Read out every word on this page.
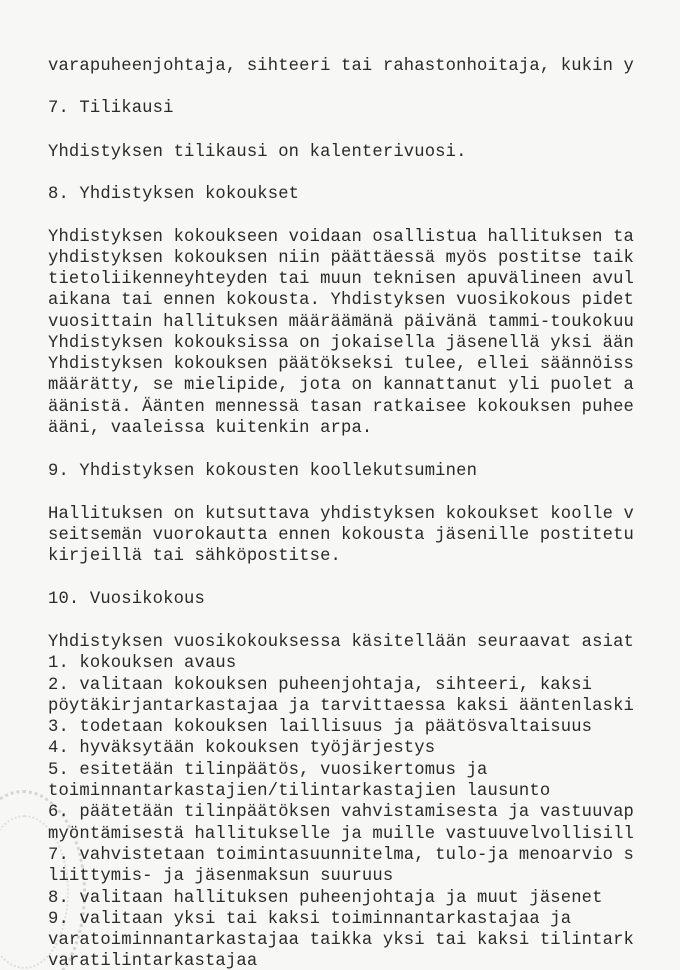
varapuheenjohtaja, sihteeri tai rahastonhoitaja, kukin y
7. Tilikausi
Yhdistyksen tilikausi on kalenterivuosi.
8. Yhdistyksen kokoukset
Yhdistyksen kokoukseen voidaan osallistua hallituksen ta
yhdistyksen kokouksen niin päättäessä myös postitse taik
tietoliikenneyhteyden tai muun teknisen apuvälineen avul
aikana tai ennen kokousta. Yhdistyksen vuosikokous pidet
vuosittain hallituksen määräämänä päivänä tammi-toukokuu
Yhdistyksen kokouksissa on jokaisella jäsenellä yksi ään
Yhdistyksen kokouksen päätökseksi tulee, ellei säännöiss
määrätty, se mielipide, jota on kannattanut yli puolet a
äänistä. Äänten mennessä tasan ratkaisee kokouksen puhee
ääni, vaaleissa kuitenkin arpa.
9. Yhdistyksen kokousten koollekutsuminen
Hallituksen on kutsuttava yhdistyksen kokoukset koolle v
seitsemän vuorokautta ennen kokousta jäsenille postitetu
kirjeillä tai sähköpostitse.
10. Vuosikokous
Yhdistyksen vuosikokouksessa käsitellään seuraavat asiat
1. kokouksen avaus
2. valitaan kokouksen puheenjohtaja, sihteeri, kaksi
pöytäkirjantarkastajaa ja tarvittaessa kaksi ääntenlaski
3. todetaan kokouksen laillisuus ja päätösvaltaisuus
4. hyväksytään kokouksen työjärjestys
5. esitetään tilinpäätös, vuosikertomus ja
toiminnantarkastajien/tilintarkastajien lausunto
6. päätetään tilinpäätöksen vahvistamisesta ja vastuuvap
myöntämisestä hallitukselle ja muille vastuuvelvollisill
7. vahvistetaan toimintasuunnitelma, tulo-ja menoarvio s
liittymis- ja jäsenmaksun suuruus
8. valitaan hallituksen puheenjohtaja ja muut jäsenet
9. valitaan yksi tai kaksi toiminnantarkastajaa ja
varatoiminnantarkastajaa taikka yksi tai kaksi tilintark
varatilintarkastajaa
